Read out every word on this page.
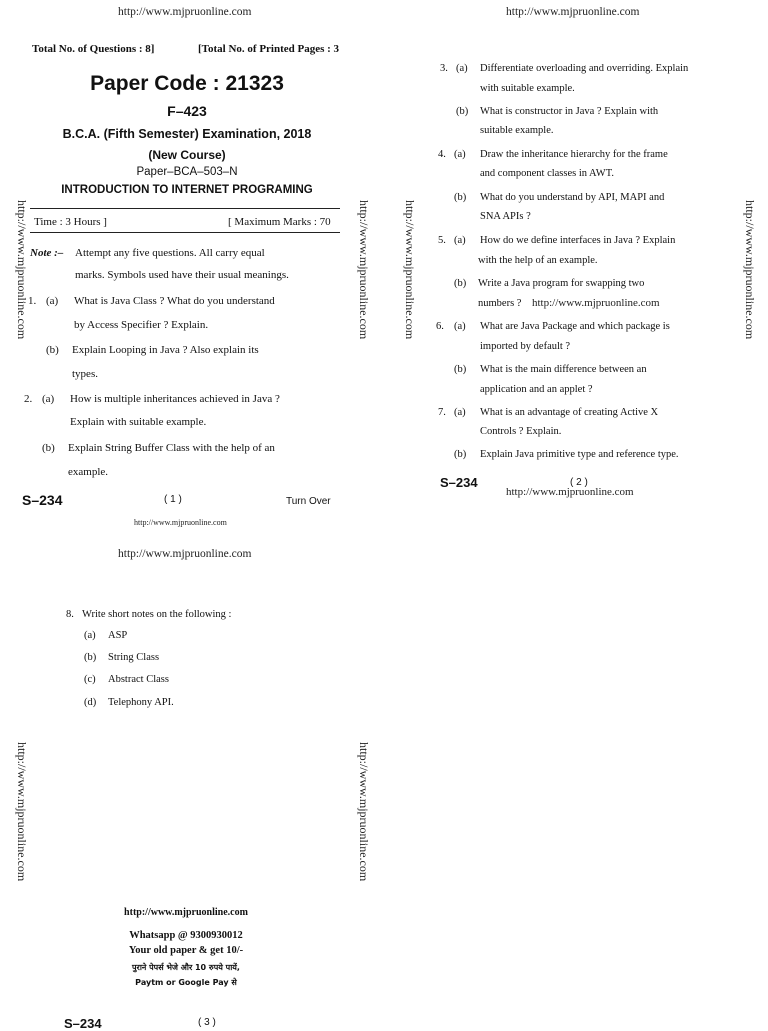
http://www.mjpruonline.com	http://www.mjpruonline.com
http://www.mjpruonline.com	http://www.mjpruonline.com	http://www.mjpruonline.com	http://www.mjpruonline.com
http://www.mjpruonline.com	http://www.mjpruonline.com
Total No. of Questions : 8]	[Total No. of Printed Pages : 3
Paper Code : 21323
F–423
B.C.A. (Fifth Semester) Examination, 2018
(New Course)
Paper–BCA–503–N
INTRODUCTION TO INTERNET PROGRAMING
Time : 3 Hours ]	[ Maximum Marks : 70
Note :– Attempt any five questions. All carry equal
marks. Symbols used have their usual meanings.
1. (a) What is Java Class ? What do you understand
by Access Specifier ? Explain.
(b) Explain Looping in Java ? Also explain its
types.
2. (a) How is multiple inheritances achieved in Java ?
Explain with suitable example.
(b) Explain String Buffer Class with the help of an
example.
S–234	( 1 )	Turn Over
http://www.mjpruonline.com
3. (a) Differentiate overloading and overriding. Explain
with suitable example.
(b) What is constructor in Java ? Explain with
suitable example.
4. (a) Draw the inheritance hierarchy for the frame
and component classes in AWT.
(b) What do you understand by API, MAPI and
SNA APIs ?
5. (a) How do we define interfaces in Java ? Explain
with the help of an example.
(b) Write a Java program for swapping two
numbers ? http://www.mjpruonline.com
6. (a) What are Java Package and which package is
imported by default ?
(b) What is the main difference between an
application and an applet ?
7. (a) What is an advantage of creating Active X
Controls ? Explain.
(b) Explain Java primitive type and reference type.
S–234	( 2 )
http://www.mjpruonline.com
http://www.mjpruonline.com
8. Write short notes on the following :
(a) ASP
(b) String Class
(c) Abstract Class
(d) Telephony API.
http://www.mjpruonline.com
Whatsapp @ 9300930012
Your old paper & get 10/-
पुराने पेपर्स भेजे और 10 रुपये पायें,
Paytm or Google Pay से
S–234	( 3 )
